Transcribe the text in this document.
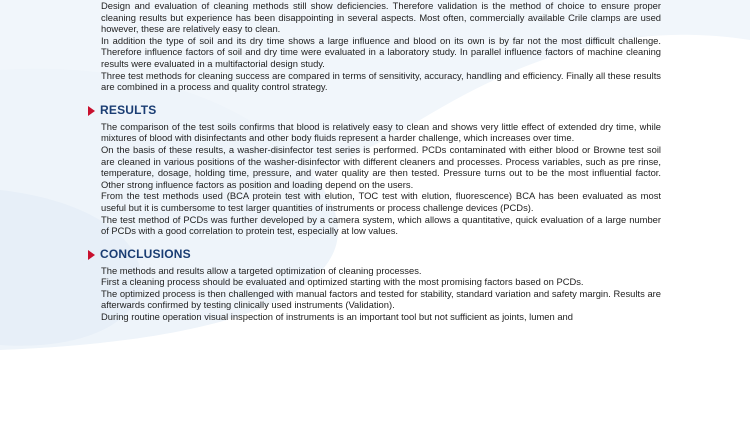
Design and evaluation of cleaning methods still show deficiencies. Therefore validation is the method of choice to ensure proper cleaning results but experience has been disappointing in several aspects. Most often, commercially available Crile clamps are used however, these are relatively easy to clean.

In addition the type of soil and its dry time shows a large influence and blood on its own is by far not the most difficult challenge. Therefore influence factors of soil and dry time were evaluated in a laboratory study. In parallel influence factors of machine cleaning results were evaluated in a multifactorial design study.

Three test methods for cleaning success are compared in terms of sensitivity, accuracy, handling and efficiency. Finally all these results are combined in a process and quality control strategy.

RESULTS

The comparison of the test soils confirms that blood is relatively easy to clean and shows very little effect of extended dry time, while mixtures of blood with disinfectants and other body fluids represent a harder challenge, which increases over time.

On the basis of these results, a washer-disinfector test series is performed. PCDs contaminated with either blood or Browne test soil are cleaned in various positions of the washer-disinfector with different cleaners and processes. Process variables, such as pre rinse, temperature, dosage, holding time, pressure, and water quality are then tested. Pressure turns out to be the most influential factor. Other strong influence factors as position and loading depend on the users.

From the test methods used (BCA protein test with elution, TOC test with elution, fluorescence) BCA has been evaluated as most useful but it is cumbersome to test larger quantities of instruments or process challenge devices (PCDs).

The test method of PCDs was further developed by a camera system, which allows a quantitative, quick evaluation of a large number of PCDs with a good correlation to protein test, especially at low values.

CONCLUSIONS

The methods and results allow a targeted optimization of cleaning processes.

First a cleaning process should be evaluated and optimized starting with the most promising factors based on PCDs.

The optimized process is then challenged with manual factors and tested for stability, standard variation and safety margin. Results are afterwards confirmed by testing clinically used instruments (Validation).

During routine operation visual inspection of instruments is an important tool but not sufficient as joints, lumen and
